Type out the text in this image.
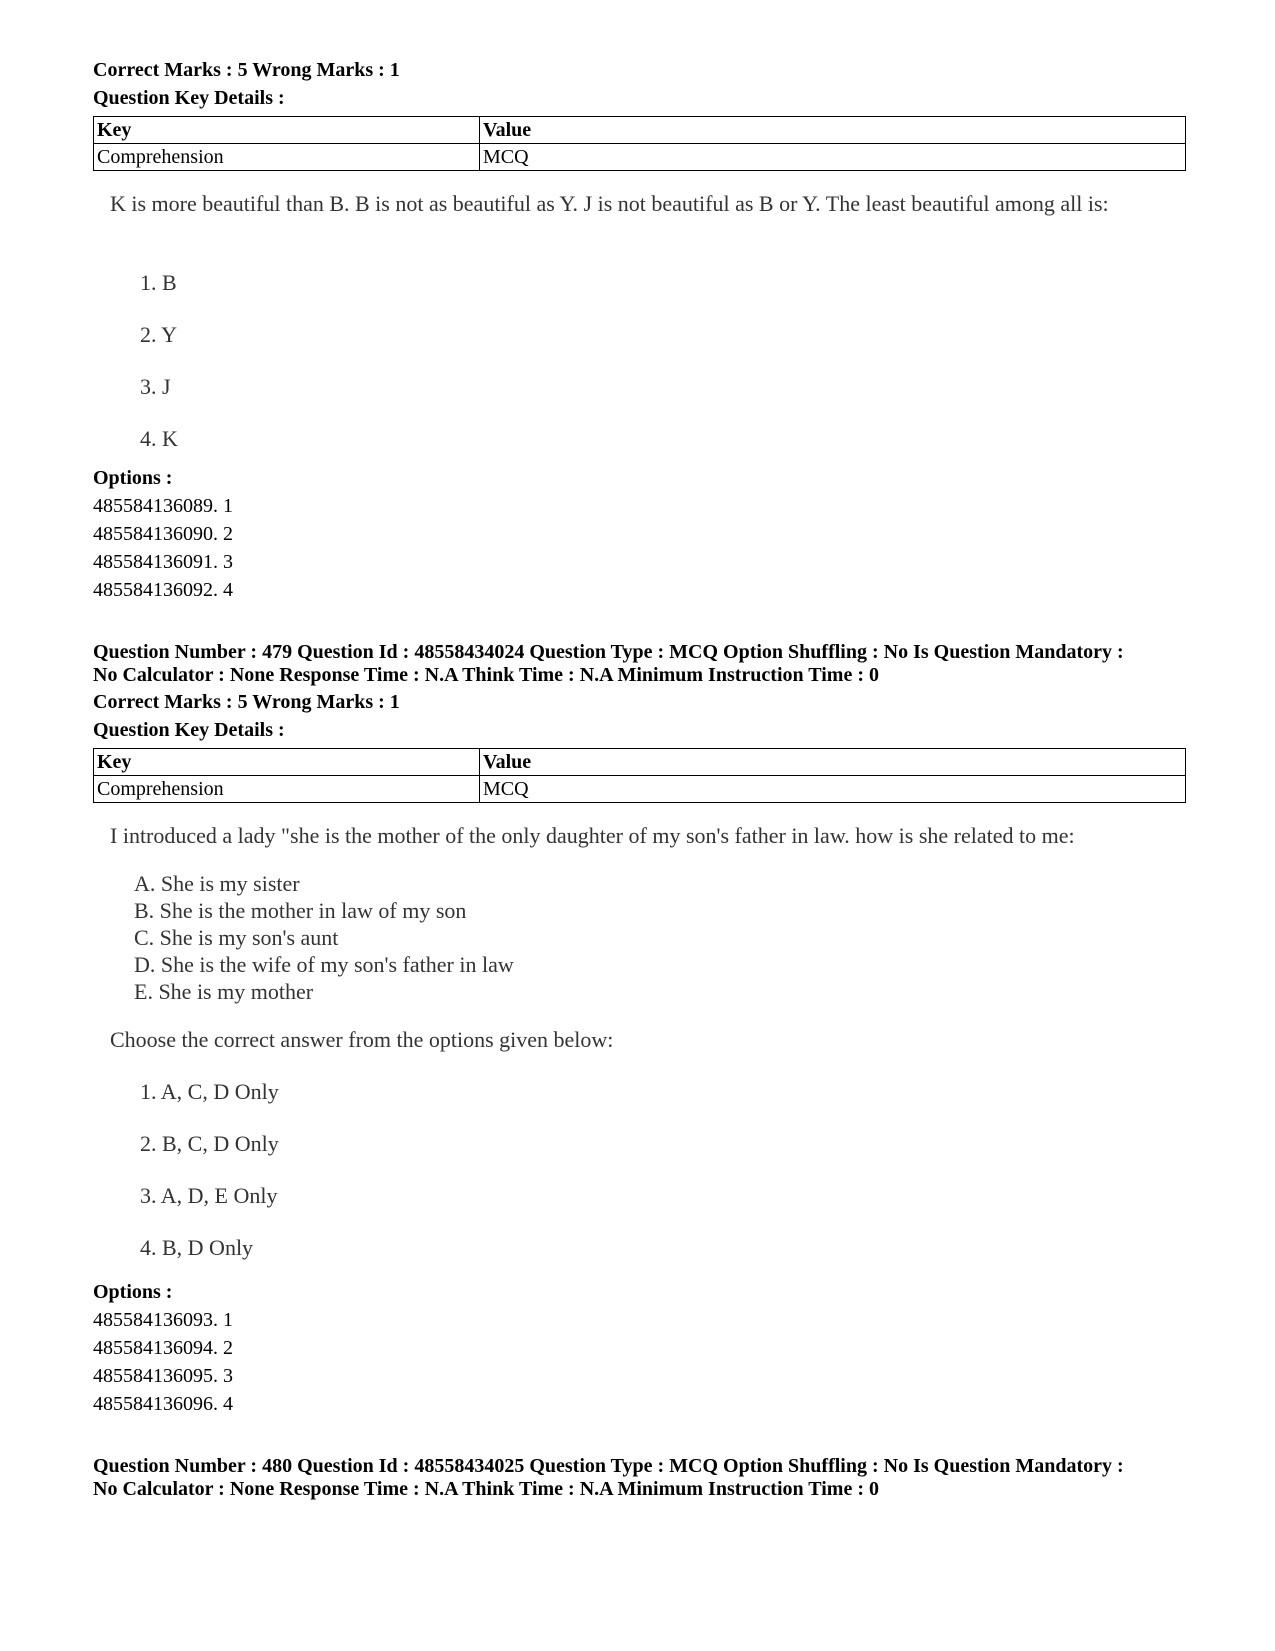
Correct Marks : 5 Wrong Marks : 1
Question Key Details :
Key	Value
Comprehension	MCQ
K is more beautiful than B. B is not as beautiful as Y. J is not beautiful as B or Y. The least beautiful among all is:
1. B
2. Y
3. J
4. K
Options :
485584136089. 1
485584136090. 2
485584136091. 3
485584136092. 4
Question Number : 479 Question Id : 48558434024 Question Type : MCQ Option Shuffling : No Is Question Mandatory :
No Calculator : None Response Time : N.A Think Time : N.A Minimum Instruction Time : 0
Correct Marks : 5 Wrong Marks : 1
Question Key Details :
Key	Value
Comprehension	MCQ
I introduced a lady "she is the mother of the only daughter of my son's father in law. how is she related to me:
A. She is my sister
B. She is the mother in law of my son
C. She is my son's aunt
D. She is the wife of my son's father in law
E. She is my mother
Choose the correct answer from the options given below:
1. A, C, D Only
2. B, C, D Only
3. A, D, E Only
4. B, D Only
Options :
485584136093. 1
485584136094. 2
485584136095. 3
485584136096. 4
Question Number : 480 Question Id : 48558434025 Question Type : MCQ Option Shuffling : No Is Question Mandatory :
No Calculator : None Response Time : N.A Think Time : N.A Minimum Instruction Time : 0
